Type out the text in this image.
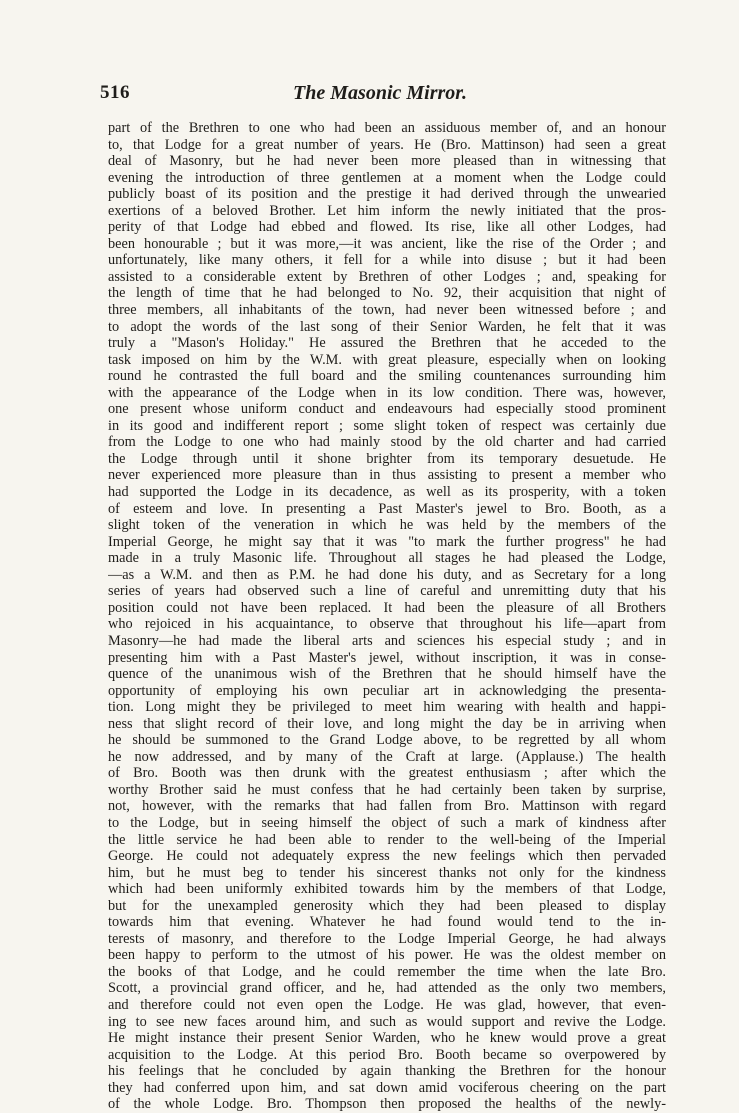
516	The Masonic Mirror.
part of the Brethren to one who had been an assiduous member of, and an honour
to, that Lodge for a great number of years. He (Bro. Mattinson) had seen a great
deal of Masonry, but he had never been more pleased than in witnessing that
evening the introduction of three gentlemen at a moment when the Lodge could
publicly boast of its position and the prestige it had derived through the unwearied
exertions of a beloved Brother. Let him inform the newly initiated that the pros-
perity of that Lodge had ebbed and flowed. Its rise, like all other Lodges, had
been honourable ; but it was more,—it was ancient, like the rise of the Order ; and
unfortunately, like many others, it fell for a while into disuse ; but it had been
assisted to a considerable extent by Brethren of other Lodges ; and, speaking for
the length of time that he had belonged to No. 92, their acquisition that night of
three members, all inhabitants of the town, had never been witnessed before ; and
to adopt the words of the last song of their Senior Warden, he felt that it was
truly a "Mason's Holiday." He assured the Brethren that he acceded to the
task imposed on him by the W.M. with great pleasure, especially when on looking
round he contrasted the full board and the smiling countenances surrounding him
with the appearance of the Lodge when in its low condition. There was, however,
one present whose uniform conduct and endeavours had especially stood prominent
in its good and indifferent report ; some slight token of respect was certainly due
from the Lodge to one who had mainly stood by the old charter and had carried
the Lodge through until it shone brighter from its temporary desuetude. He
never experienced more pleasure than in thus assisting to present a member who
had supported the Lodge in its decadence, as well as its prosperity, with a token
of esteem and love. In presenting a Past Master's jewel to Bro. Booth, as a
slight token of the veneration in which he was held by the members of the
Imperial George, he might say that it was "to mark the further progress" he had
made in a truly Masonic life. Throughout all stages he had pleased the Lodge,
—as a W.M. and then as P.M. he had done his duty, and as Secretary for a long
series of years had observed such a line of careful and unremitting duty that his
position could not have been replaced. It had been the pleasure of all Brothers
who rejoiced in his acquaintance, to observe that throughout his life—apart from
Masonry—he had made the liberal arts and sciences his especial study ; and in
presenting him with a Past Master's jewel, without inscription, it was in conse-
quence of the unanimous wish of the Brethren that he should himself have the
opportunity of employing his own peculiar art in acknowledging the presenta-
tion. Long might they be privileged to meet him wearing with health and happi-
ness that slight record of their love, and long might the day be in arriving when
he should be summoned to the Grand Lodge above, to be regretted by all whom
he now addressed, and by many of the Craft at large. (Applause.) The health
of Bro. Booth was then drunk with the greatest enthusiasm ; after which the
worthy Brother said he must confess that he had certainly been taken by surprise,
not, however, with the remarks that had fallen from Bro. Mattinson with regard
to the Lodge, but in seeing himself the object of such a mark of kindness after
the little service he had been able to render to the well-being of the Imperial
George. He could not adequately express the new feelings which then pervaded
him, but he must beg to tender his sincerest thanks not only for the kindness
which had been uniformly exhibited towards him by the members of that Lodge,
but for the unexampled generosity which they had been pleased to display
towards him that evening. Whatever he had found would tend to the in-
terests of masonry, and therefore to the Lodge Imperial George, he had always
been happy to perform to the utmost of his power. He was the oldest member on
the books of that Lodge, and he could remember the time when the late Bro.
Scott, a provincial grand officer, and he, had attended as the only two members,
and therefore could not even open the Lodge. He was glad, however, that even-
ing to see new faces around him, and such as would support and revive the Lodge.
He might instance their present Senior Warden, who he knew would prove a great
acquisition to the Lodge. At this period Bro. Booth became so overpowered by
his feelings that he concluded by again thanking the Brethren for the honour
they had conferred upon him, and sat down amid vociferous cheering on the part
of the whole Lodge. Bro. Thompson then proposed the healths of the newly-
